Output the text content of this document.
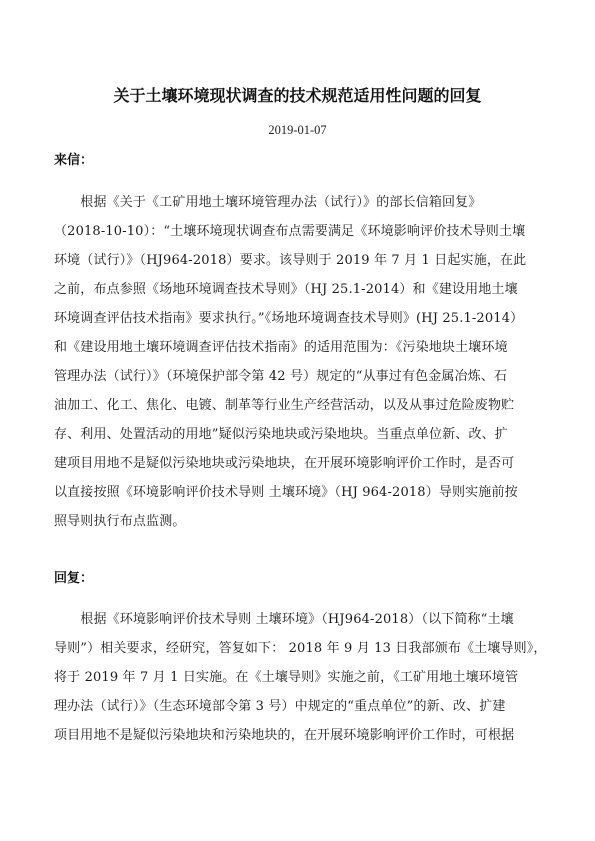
关于土壤环境现状调查的技术规范适用性问题的回复
2019-01-07
来信：
　　根据《关于《工矿用地土壤环境管理办法（试行）》的部长信箱回复》
（2018-10-10）：“土壤环境现状调查布点需要满足《环境影响评价技术导则土壤
环境（试行）》（HJ964-2018）要求。该导则于 2019 年 7 月 1 日起实施，在此
之前，布点参照《场地环境调查技术导则》（HJ 25.1-2014）和《建设用地土壤
环境调查评估技术指南》要求执行。”《场地环境调查技术导则》(HJ 25.1-2014）
和《建设用地土壤环境调查评估技术指南》的适用范围为：《污染地块土壤环境
管理办法（试行）》（环境保护部令第 42 号）规定的“从事过有色金属冶炼、石
油加工、化工、焦化、电镀、制革等行业生产经营活动，以及从事过危险废物贮
存、利用、处置活动的用地”疑似污染地块或污染地块。当重点单位新、改、扩
建项目用地不是疑似污染地块或污染地块，在开展环境影响评价工作时，是否可
以直接按照《环境影响评价技术导则 土壤环境》（HJ 964-2018）导则实施前按
照导则执行布点监测。
回复：
　　根据《环境影响评价技术导则 土壤环境》（HJ964-2018）（以下简称“土壤
导则”）相关要求，经研究，答复如下： 2018 年 9 月 13 日我部颁布《土壤导则》，
将于 2019 年 7 月 1 日实施。在《土壤导则》实施之前，《工矿用地土壤环境管
理办法（试行）》（生态环境部令第 3 号）中规定的“重点单位”的新、改、扩建
项目用地不是疑似污染地块和污染地块的，在开展环境影响评价工作时，可根据
